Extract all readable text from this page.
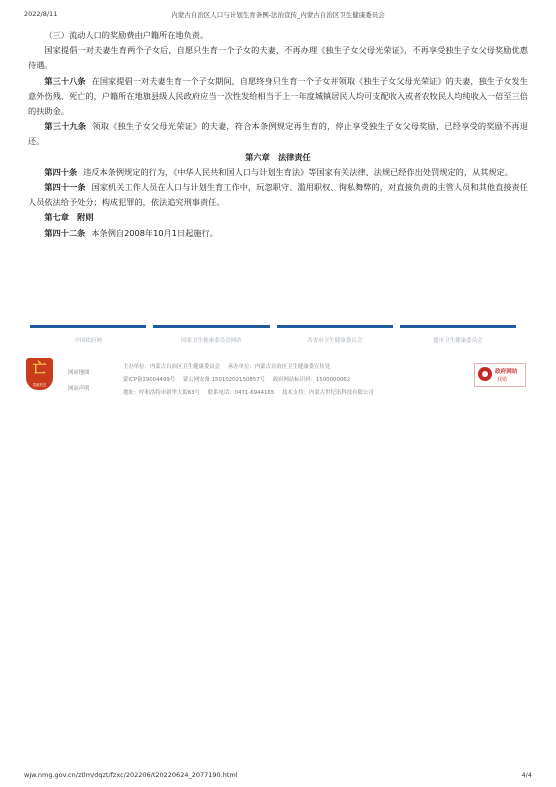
2022/8/11	内蒙古自治区人口与计划生育条例-法治宣传_内蒙古自治区卫生健康委员会

（三）流动人口的奖励费由户籍所在地负责。

国家提倡一对夫妻生育两个子女后，自愿只生育一个子女的夫妻，不再办理《独生子女父母光荣证》，不再享受独生子女父母奖励优惠待遇。

第三十八条 在国家提倡一对夫妻生育一个子女期间，自愿终身只生育一个子女并领取《独生子女父母光荣证》的夫妻，独生子女发生意外伤残、死亡的，户籍所在地旗县级人民政府应当一次性发给相当于上一年度城镇居民人均可支配收入或者农牧民人均纯收入一倍至三倍的扶助金。

第三十九条 领取《独生子女父母光荣证》的夫妻，符合本条例规定再生育的，停止享受独生子女父母奖励，已经享受的奖励不再退还。

第六章　法律责任

第四十条 违反本条例规定的行为，《中华人民共和国人口与计划生育法》等国家有关法律、法规已经作出处罚规定的，从其规定。

第四十一条 国家机关工作人员在人口与计划生育工作中，玩忽职守、滥用职权、徇私舞弊的，对直接负责的主管人员和其他直接责任人员依法给予处分；构成犯罪的，依法追究刑事责任。

第七章　附则

第四十二条 本条例自2008年10月1日起施行。

中国政府网	国家卫生健康委员会网站	各省市卫生健康委员会	盟市卫生健康委员会
亡
党政机关
网站地图
网站声明
主办单位：内蒙古自治区卫生健康委员会 承办单位：内蒙古自治区卫生健康委宣传处
蒙ICP备19004499号 蒙公网安备 15010202150857号 政府网站标识码：1500000062
地址：呼和浩特市新华大街63号 联系电话：0471-6944165 技术支持：内蒙古世纪讯科技有限公司
政府网站
找错
wjw.nmg.gov.cn/ztlm/dqzt/fzxc/202206/t20220624_2077190.html	4/4
